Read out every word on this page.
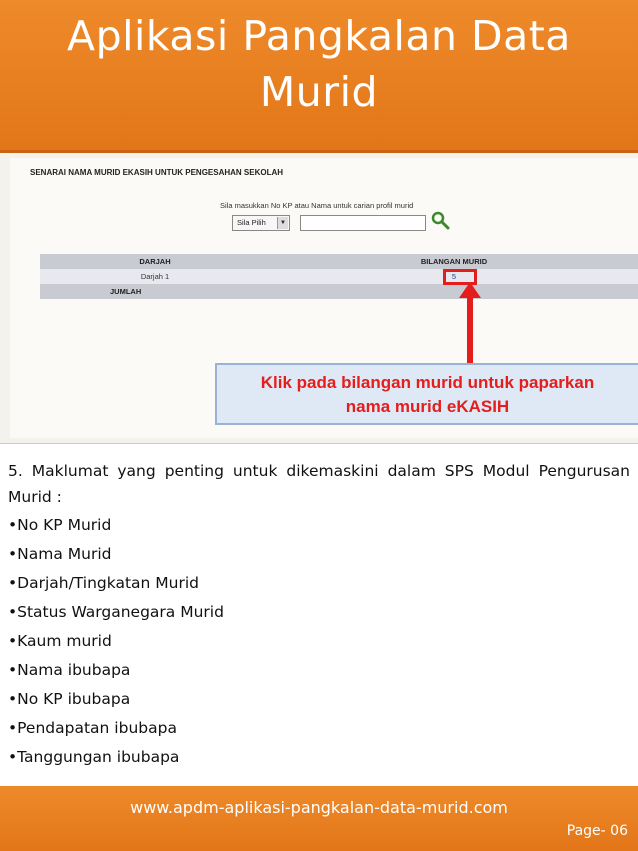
Aplikasi Pangkalan Data
Murid
SENARAI NAMA MURID EKASIH UNTUK PENGESAHAN SEKOLAH
Sila masukkan No KP atau Nama untuk carian profil murid
Sila Pilih	▼
DARJAH	BILANGAN MURID
Darjah 1	5
JUMLAH
Klik pada bilangan murid untuk paparkan
nama murid eKASIH

5. Maklumat yang penting untuk dikemaskini dalam SPS Modul Pengurusan Murid :

•No KP Murid
•Nama Murid
•Darjah/Tingkatan Murid
•Status Warganegara Murid
•Kaum murid
•Nama ibubapa
•No KP ibubapa
•Pendapatan ibubapa
•Tanggungan ibubapa
www.apdm-aplikasi-pangkalan-data-murid.com
Page- 06
